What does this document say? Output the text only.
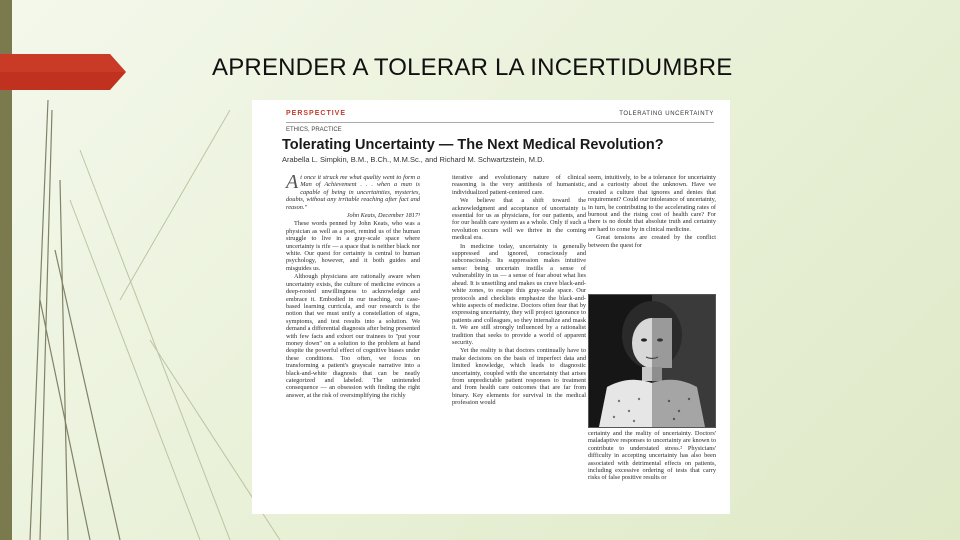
APRENDER A TOLERAR LA INCERTIDUMBRE
PERSPECTIVE	TOLERATING UNCERTAINTY
ETHICS, PRACTICE
Tolerating Uncertainty — The Next Medical Revolution?
Arabella L. Simpkin, B.M., B.Ch., M.M.Sc., and Richard M. Schwartzstein, M.D.

At once it struck me what quality went to form a Man of Achievement . . . when a man is capable of being in uncertainties, mysteries, doubts, without any irritable reaching after fact and reason."

John Keats, December 1817¹

These words penned by John Keats, who was a physician as well as a poet, remind us of the human struggle to live in a gray-scale space where uncertainty is rife — a space that is neither black nor white. Our quest for certainty is central to human psychology, however, and it both guides and misguides us.

Although physicians are rationally aware when uncertainty exists, the culture of medicine evinces a deep-rooted unwillingness to acknowledge and embrace it. Embodied in our teaching, our case-based learning curricula, and our research is the notion that we must unify a constellation of signs, symptoms, and test results into a solution. We demand a differential diagnosis after being presented with few facts and exhort our trainees to "put your money down" on a solution to the problem at hand despite the powerful effect of cognitive biases under these conditions. Too often, we focus on transforming a patient's grayscale narrative into a black-and-white diagnosis that can be neatly categorized and labeled. The unintended consequence — an obsession with finding the right answer, at the risk of oversimplifying the richly

iterative and evolutionary nature of clinical reasoning is the very antithesis of humanistic, individualized patient-centered care.

We believe that a shift toward the acknowledgment and acceptance of uncertainty is essential for us as physicians, for our patients, and for our health care system as a whole. Only if such a revolution occurs will we thrive in the coming medical era.

In medicine today, uncertainty is generally suppressed and ignored, consciously and subconsciously. Its suppression makes intuitive sense: being uncertain instills a sense of vulnerability in us — a sense of fear about what lies ahead. It is unsettling and makes us crave black-and-white zones, to escape this gray-scale space. Our protocols and checklists emphasize the black-and-white aspects of medicine. Doctors often fear that by expressing uncertainty, they will project ignorance to patients and colleagues, so they internalize and mask it. We are still strongly influenced by a rationalist tradition that seeks to provide a world of apparent security.

Yet the reality is that doctors continually have to make decisions on the basis of imperfect data and limited knowledge, which leads to diagnostic uncertainty, coupled with the uncertainty that arises from unpredictable patient responses to treatment and from health care outcomes that are far from binary. Key elements for survival in the medical profession would

seem, intuitively, to be a tolerance for uncertainty and a curiosity about the unknown. Have we created a culture that ignores and denies that requirement? Could our intolerance of uncertainty, in turn, be contributing to the accelerating rates of burnout and the rising cost of health care? For there is no doubt that absolute truth and certainty are hard to come by in clinical medicine.

Great tensions are created by the conflict between the quest for

certainty and the reality of uncertainty. Doctors' maladaptive responses to uncertainty are known to contribute to understated stress.² Physicians' difficulty in accepting uncertainty has also been associated with detrimental effects on patients, including excessive ordering of tests that carry risks of false positive results or
